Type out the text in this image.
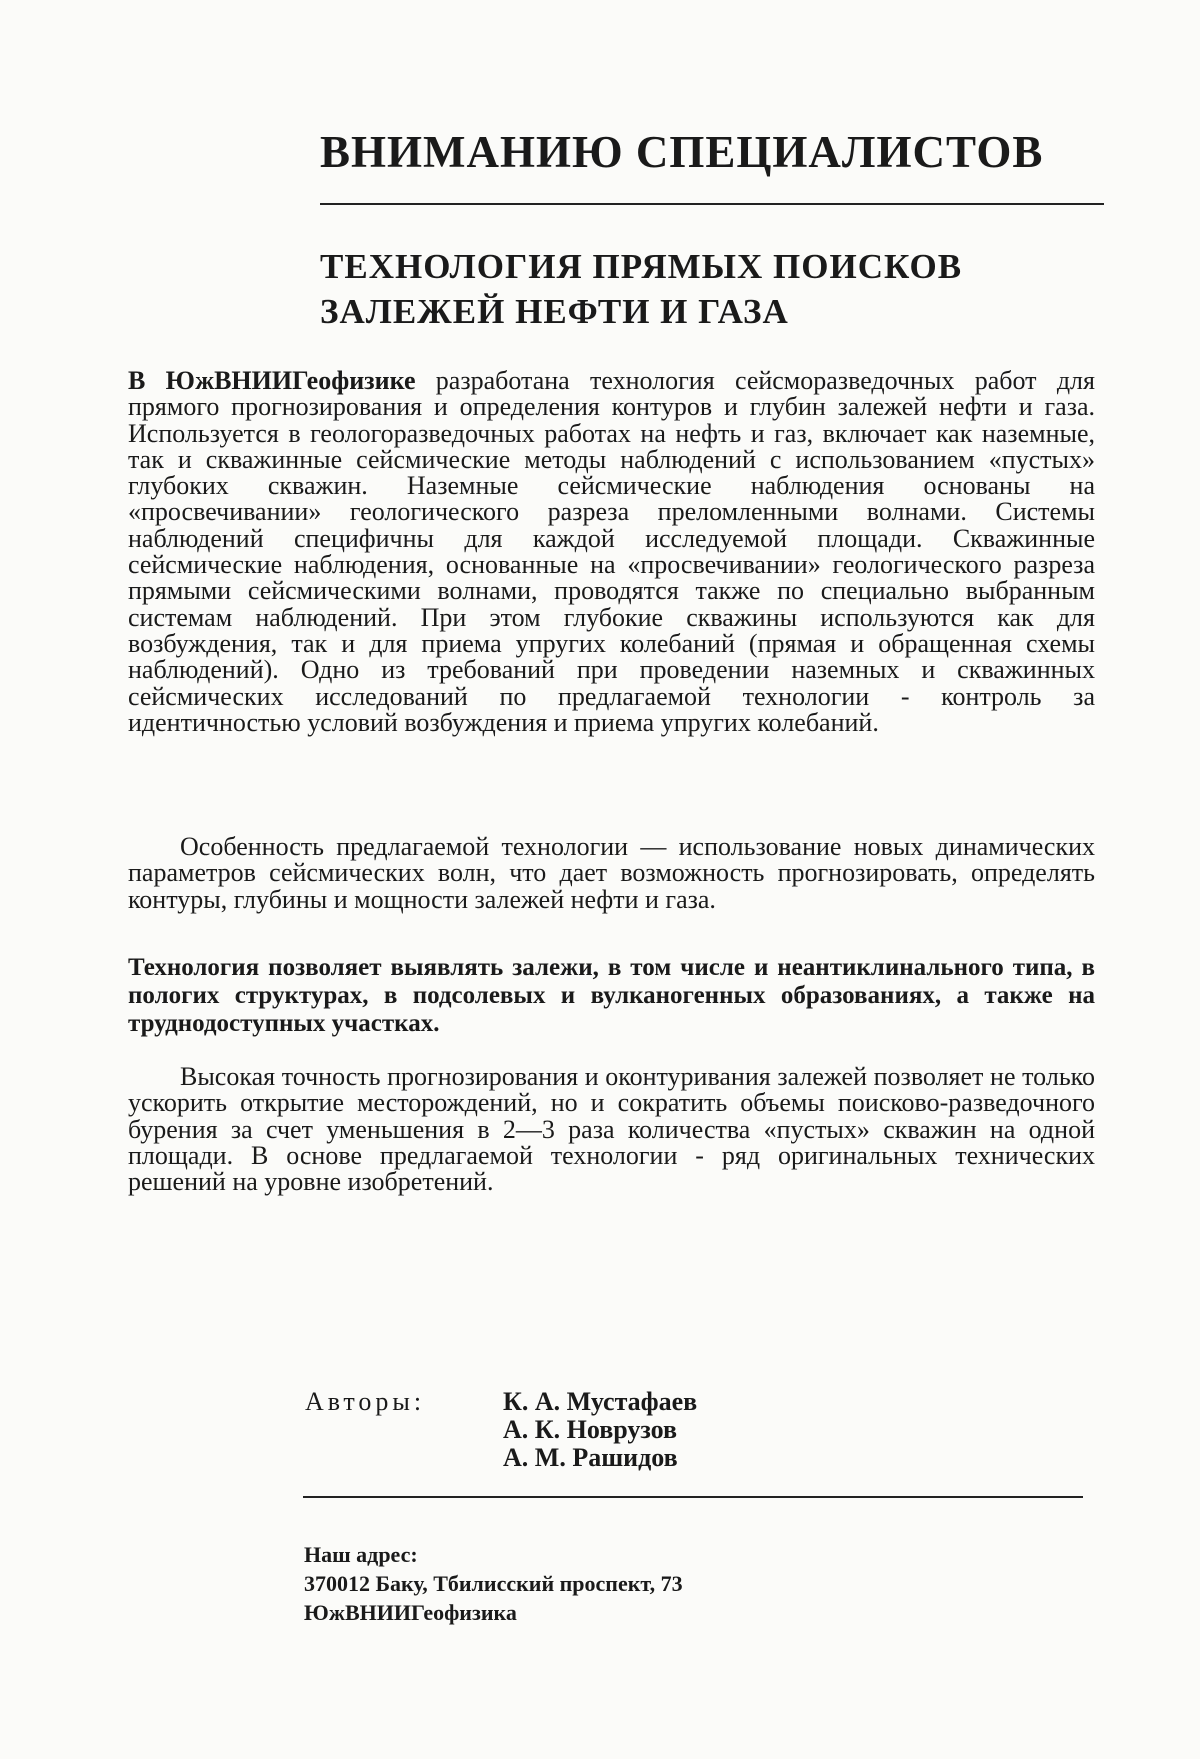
ВНИМАНИЮ СПЕЦИАЛИСТОВ
ТЕХНОЛОГИЯ ПРЯМЫХ ПОИСКОВ
ЗАЛЕЖЕЙ НЕФТИ И ГАЗА

В ЮжВНИИГеофизике разработана технология сейсморазведочных работ для прямого прогнозирования и определения контуров и глубин залежей нефти и газа. Используется в геологоразведочных работах на нефть и газ, включает как наземные, так и скважинные сейсмические методы наблюдений с использованием «пустых» глубоких скважин. Наземные сейсмические наблюдения основаны на «просвечивании» геологического разреза преломленными волнами. Системы наблюдений специфичны для каждой исследуемой площади. Скважинные сейсмические наблюдения, основанные на «просвечивании» геологического разреза прямыми сейсмическими волнами, проводятся также по специально выбранным системам наблюдений. При этом глубокие скважины используются как для возбуждения, так и для приема упругих колебаний (прямая и обращенная схемы наблюдений). Одно из требований при проведении наземных и скважинных сейсмических исследований по предлагаемой технологии - контроль за идентичностью условий возбуждения и приема упругих колебаний.

Особенность предлагаемой технологии — использование новых динамических параметров сейсмических волн, что дает возможность прогнозировать, определять контуры, глубины и мощности залежей нефти и газа.

Технология позволяет выявлять залежи, в том числе и неантиклинального типа, в пологих структурах, в подсолевых и вулканогенных образованиях, а также на труднодоступных участках.

Высокая точность прогнозирования и оконтуривания залежей позволяет не только ускорить открытие месторождений, но и сократить объемы поисково-разведочного бурения за счет уменьшения в 2—3 раза количества «пустых» скважин на одной площади. В основе предлагаемой технологии - ряд оригинальных технических решений на уровне изобретений.

Авторы:	К. А. Мустафаев
А. К. Новрузов
А. М. Рашидов
Наш адрес:
370012 Баку, Тбилисский проспект, 73
ЮжВНИИГеофизика
